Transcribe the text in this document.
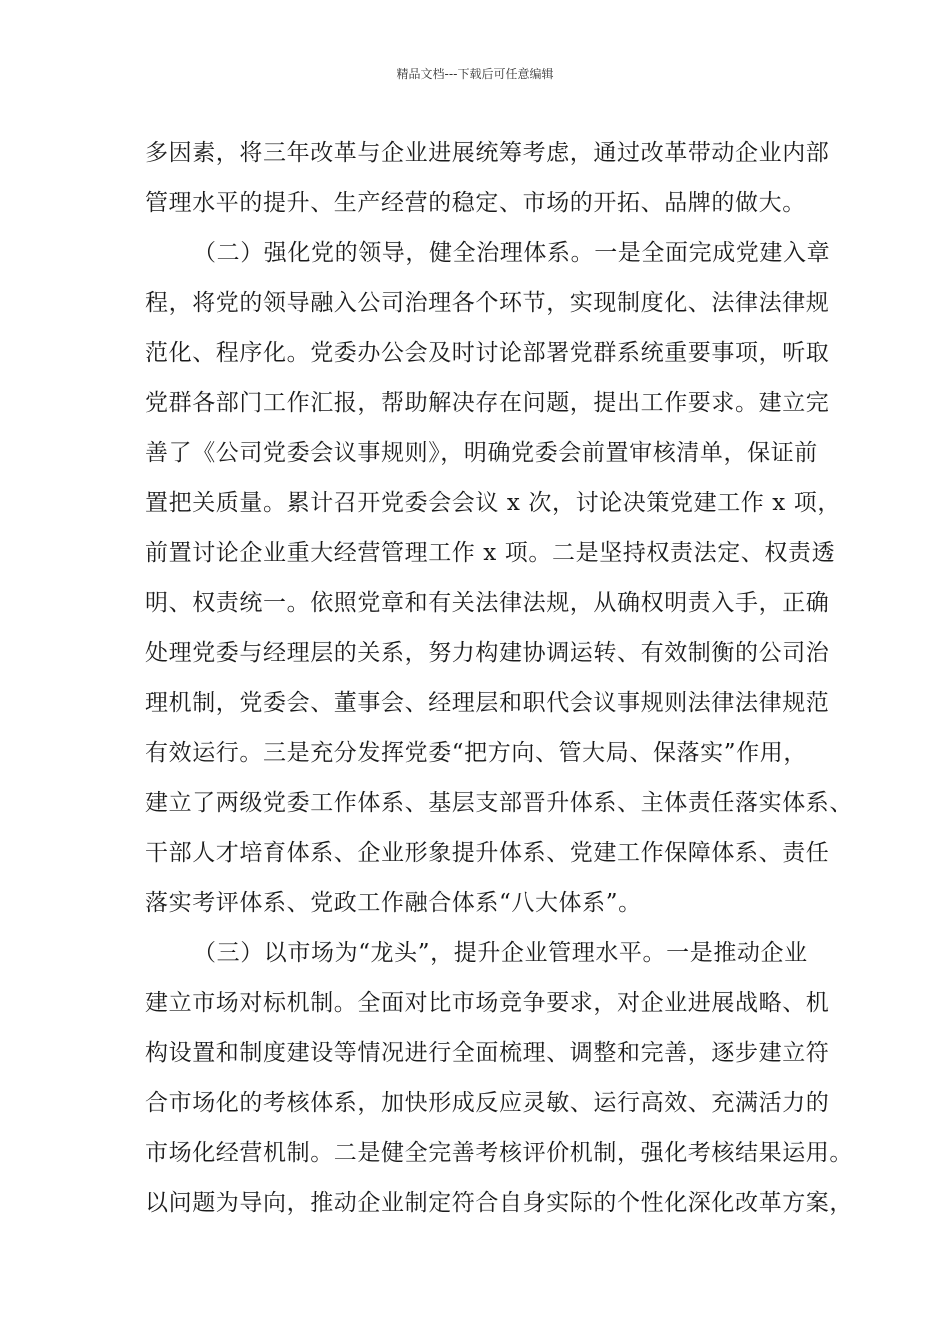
精品文档---下载后可任意编辑
多因素，将三年改革与企业进展统筹考虑，通过改革带动企业内部
管理水平的提升、生产经营的稳定、市场的开拓、品牌的做大。
（二）强化党的领导，健全治理体系。一是全面完成党建入章
程，将党的领导融入公司治理各个环节，实现制度化、法律法律规
范化、程序化。党委办公会及时讨论部署党群系统重要事项，听取
党群各部门工作汇报，帮助解决存在问题，提出工作要求。建立完
善了《公司党委会议事规则》，明确党委会前置审核清单，保证前
置把关质量。累计召开党委会会议 x 次，讨论决策党建工作 x 项，
前置讨论企业重大经营管理工作 x 项。二是坚持权责法定、权责透
明、权责统一。依照党章和有关法律法规，从确权明责入手，正确
处理党委与经理层的关系，努力构建协调运转、有效制衡的公司治
理机制，党委会、董事会、经理层和职代会议事规则法律法律规范
有效运行。三是充分发挥党委“把方向、管大局、保落实”作用，
建立了两级党委工作体系、基层支部晋升体系、主体责任落实体系、
干部人才培育体系、企业形象提升体系、党建工作保障体系、责任
落实考评体系、党政工作融合体系“八大体系”。
（三）以市场为“龙头”，提升企业管理水平。一是推动企业
建立市场对标机制。全面对比市场竞争要求，对企业进展战略、机
构设置和制度建设等情况进行全面梳理、调整和完善，逐步建立符
合市场化的考核体系，加快形成反应灵敏、运行高效、充满活力的
市场化经营机制。二是健全完善考核评价机制，强化考核结果运用。
以问题为导向，推动企业制定符合自身实际的个性化深化改革方案，
